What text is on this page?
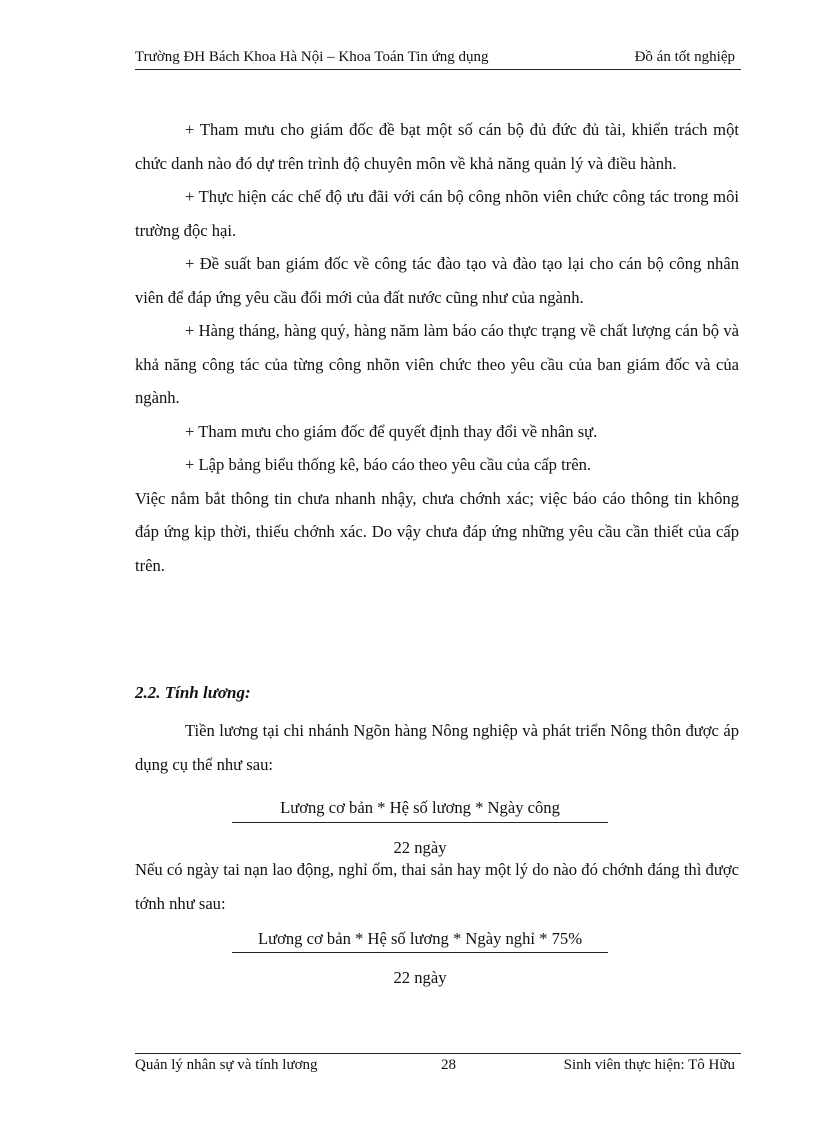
Trường ĐH Bách Khoa Hà Nội – Khoa Toán Tin ứng dụng	Đồ án tốt nghiệp

+ Tham mưu cho giám đốc đề bạt một số cán bộ đủ đức đủ tài, khiển trách một chức danh nào đó dự trên trình độ chuyên môn về khả năng quản lý và điều hành.

+ Thực hiện các chế độ ưu đãi với cán bộ công nhõn viên chức công tác trong môi trường độc hại.

+ Đề suất ban giám đốc về công tác đào tạo và đào tạo lại cho cán bộ công nhân viên để đáp ứng yêu cầu đổi mới của đất nước cũng như của ngành.

+ Hàng tháng, hàng quý, hàng năm làm báo cáo thực trạng về chất lượng cán bộ và khả năng công tác của từng công nhõn viên chức theo yêu cầu của ban giám đốc và của ngành.

+ Tham mưu cho giám đốc để quyết định thay đổi về nhân sự.

+ Lập bảng biểu thống kê, báo cáo theo yêu cầu của cấp trên.

Việc nắm bắt thông tin chưa nhanh nhậy, chưa chớnh xác; việc báo cáo thông tin không đáp ứng kịp thời, thiếu chớnh xác. Do vậy chưa đáp ứng những yêu cầu cần thiết của cấp trên.

2.2. Tính lương:

Tiền lương tại chi nhánh Ngõn hàng Nông nghiệp và phát triển Nông thôn được áp dụng cụ thể như sau:

Lương cơ bản * Hệ số lương * Ngày công
22 ngày

Nếu có ngày tai nạn lao động, nghỉ ốm, thai sản hay một lý do nào đó chớnh đáng thì được tớnh như sau:

Lương cơ bản * Hệ số lương * Ngày nghỉ * 75%
22 ngày
Quản lý nhân sự và tính lương	28	Sinh viên thực hiện: Tô Hữu
